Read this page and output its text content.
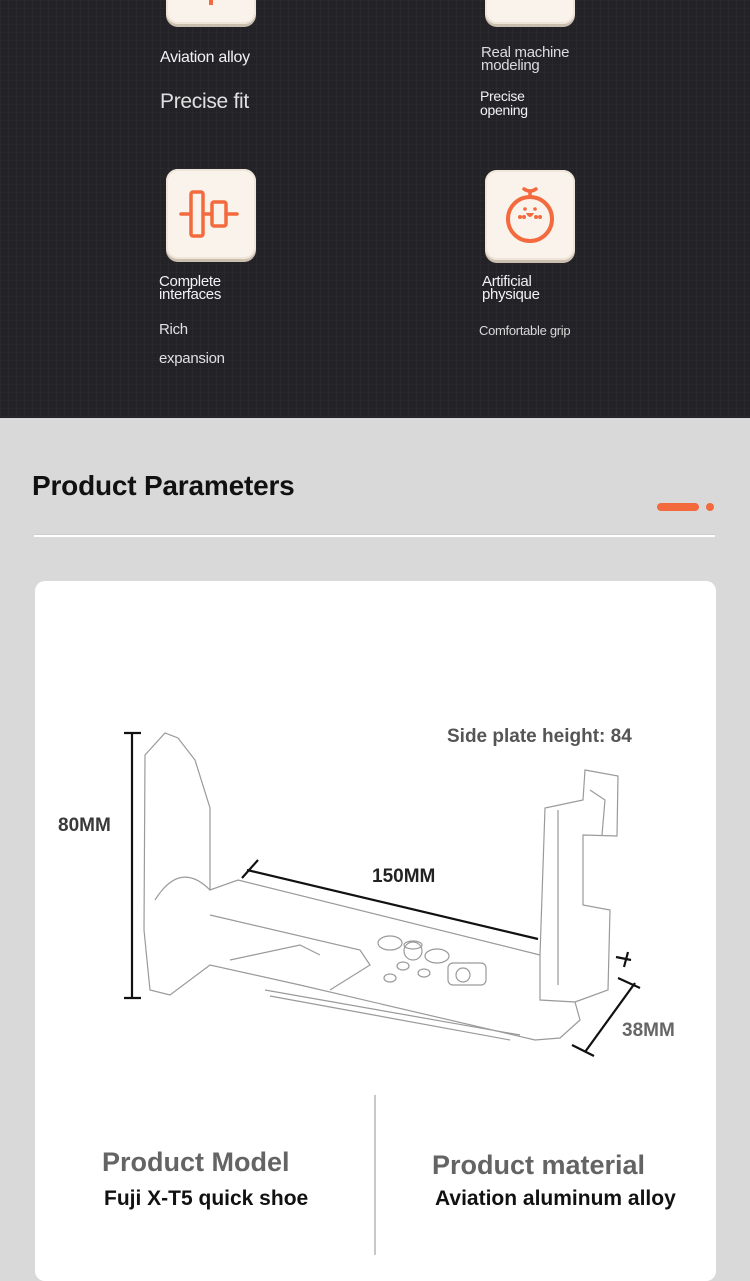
Aviation alloy
Precise fit
Real machine
modeling
Precise
opening
Complete
interfaces
Rich
expansion
Artificial
physique
Comfortable grip
Product Parameters
Side plate height: 84
80MM
150MM
38MM
Product Model
Fuji X-T5 quick shoe
Product material
Aviation aluminum alloy
